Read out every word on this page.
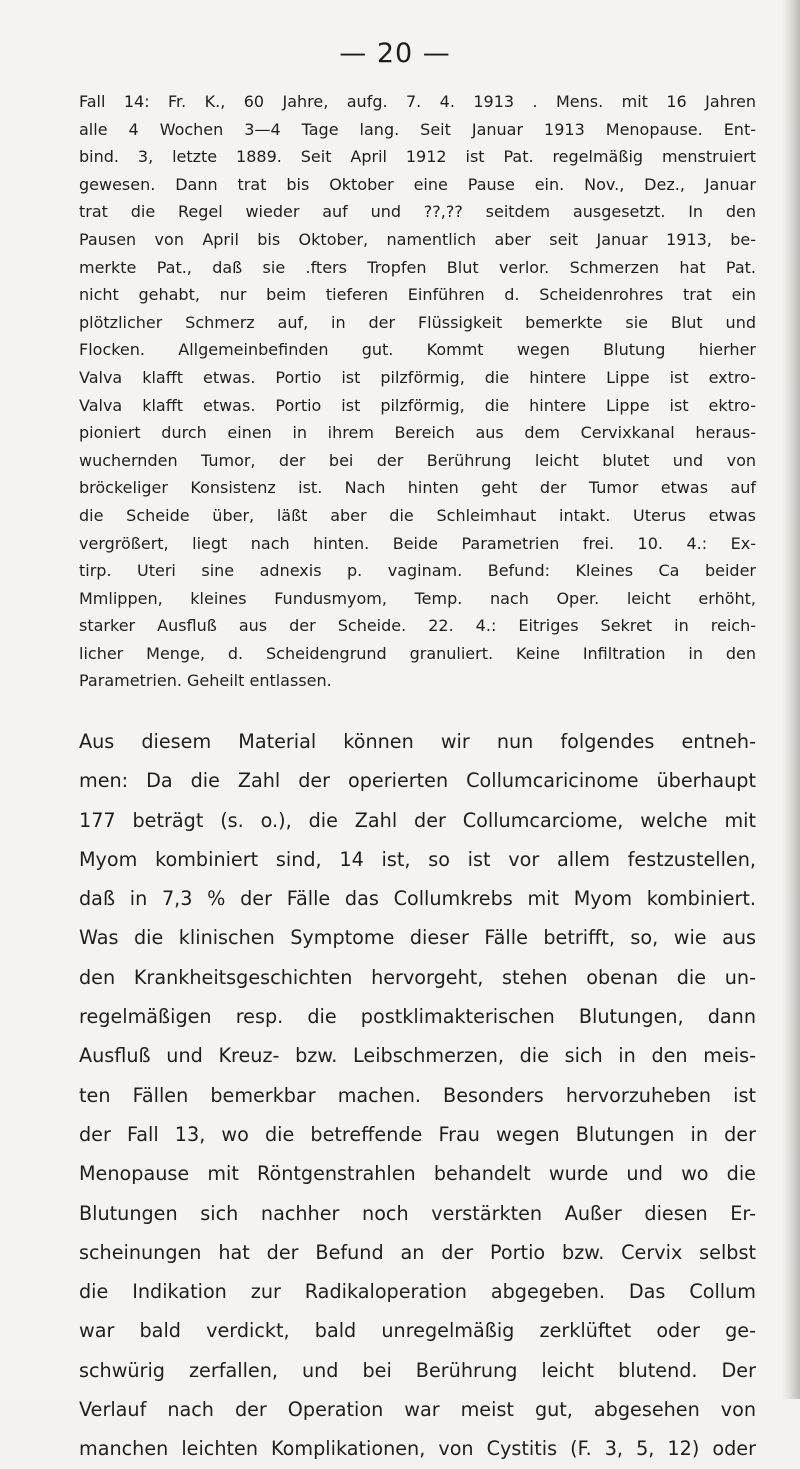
— 20 —
Fall 14: Fr. K., 60 Jahre, aufg. 7. 4. 1913 . Mens. mit 16 Jahren
alle 4 Wochen 3—4 Tage lang. Seit Januar 1913 Menopause. Ent-
bind. 3, letzte 1889. Seit April 1912 ist Pat. regelmäßig menstruiert
gewesen. Dann trat bis Oktober eine Pause ein. Nov., Dez., Januar
trat die Regel wieder auf und ??,?? seitdem ausgesetzt. In den
Pausen von April bis Oktober, namentlich aber seit Januar 1913, be-
merkte Pat., daß sie .fters Tropfen Blut verlor. Schmerzen hat Pat.
nicht gehabt, nur beim tieferen Einführen d. Scheidenrohres trat ein
plötzlicher Schmerz auf, in der Flüssigkeit bemerkte sie Blut und
Flocken. Allgemeinbefinden gut. Kommt wegen Blutung hierher
Valva klafft etwas. Portio ist pilzförmig, die hintere Lippe ist extro-
Valva klafft etwas. Portio ist pilzförmig, die hintere Lippe ist ektro-
pioniert durch einen in ihrem Bereich aus dem Cervixkanal heraus-
wuchernden Tumor, der bei der Berührung leicht blutet und von
bröckeliger Konsistenz ist. Nach hinten geht der Tumor etwas auf
die Scheide über, läßt aber die Schleimhaut intakt. Uterus etwas
vergrößert, liegt nach hinten. Beide Parametrien frei. 10. 4.: Ex-
tirp. Uteri sine adnexis p. vaginam. Befund: Kleines Ca beider
Mmlippen, kleines Fundusmyom, Temp. nach Oper. leicht erhöht,
starker Ausfluß aus der Scheide. 22. 4.: Eitriges Sekret in reich-
licher Menge, d. Scheidengrund granuliert. Keine Infiltration in den
Parametrien. Geheilt entlassen.
Aus diesem Material können wir nun folgendes entneh-
men: Da die Zahl der operierten Collumcaricinome überhaupt
177 beträgt (s. o.), die Zahl der Collumcarciome, welche mit
Myom kombiniert sind, 14 ist, so ist vor allem festzustellen,
daß in 7,3 % der Fälle das Collumkrebs mit Myom kombiniert.
Was die klinischen Symptome dieser Fälle betrifft, so, wie aus
den Krankheitsgeschichten hervorgeht, stehen obenan die un-
regelmäßigen resp. die postklimakterischen Blutungen, dann
Ausfluß und Kreuz- bzw. Leibschmerzen, die sich in den meis-
ten Fällen bemerkbar machen. Besonders hervorzuheben ist
der Fall 13, wo die betreffende Frau wegen Blutungen in der
Menopause mit Röntgenstrahlen behandelt wurde und wo die
Blutungen sich nachher noch verstärkten Außer diesen Er-
scheinungen hat der Befund an der Portio bzw. Cervix selbst
die Indikation zur Radikaloperation abgegeben. Das Collum
war bald verdickt, bald unregelmäßig zerklüftet oder ge-
schwürig zerfallen, und bei Berührung leicht blutend. Der
Verlauf nach der Operation war meist gut, abgesehen von
manchen leichten Komplikationen, von Cystitis (F. 3, 5, 12) oder
